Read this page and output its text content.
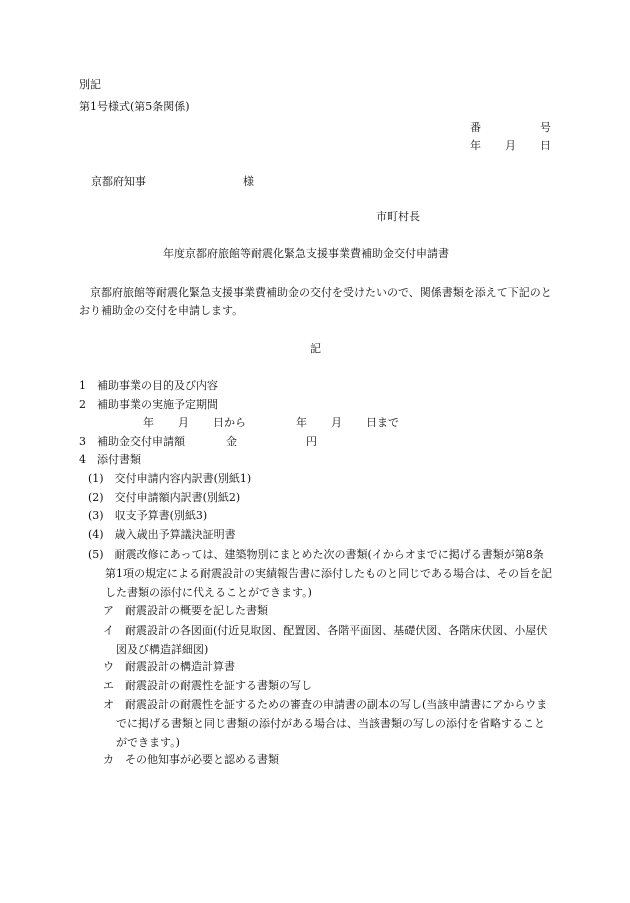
別記
第1号様式(第5条関係)
番	号
年 月 日
京都府知事	様
市町村長
年度京都府旅館等耐震化緊急支援事業費補助金交付申請書
京都府旅館等耐震化緊急支援事業費補助金の交付を受けたいので、関係書類を添えて下記のとおり補助金の交付を申請します。
記
1　補助事業の目的及び内容
2　補助事業の実施予定期間
年 月 日から	年 月 日まで
3　補助金交付申請額	金	円
4　添付書類
(1)　交付申請内容内訳書(別紙1)
(2)　交付申請額内訳書(別紙2)
(3)　収支予算書(別紙3)
(4)　歳入歳出予算議決証明書
(5)　耐震改修にあっては、建築物別にまとめた次の書類(イからオまでに掲げる書類が第8条第1項の規定による耐震設計の実績報告書に添付したものと同じである場合は、その旨を記した書類の添付に代えることができます。)
ア　耐震設計の概要を記した書類
イ　耐震設計の各図面(付近見取図、配置図、各階平面図、基礎伏図、各階床伏図、小屋伏図及び構造詳細図)
ウ　耐震設計の構造計算書
エ　耐震設計の耐震性を証する書類の写し
オ　耐震設計の耐震性を証するための審査の申請書の副本の写し(当該申請書にアからウまでに掲げる書類と同じ書類の添付がある場合は、当該書類の写しの添付を省略することができます。)
カ　その他知事が必要と認める書類
